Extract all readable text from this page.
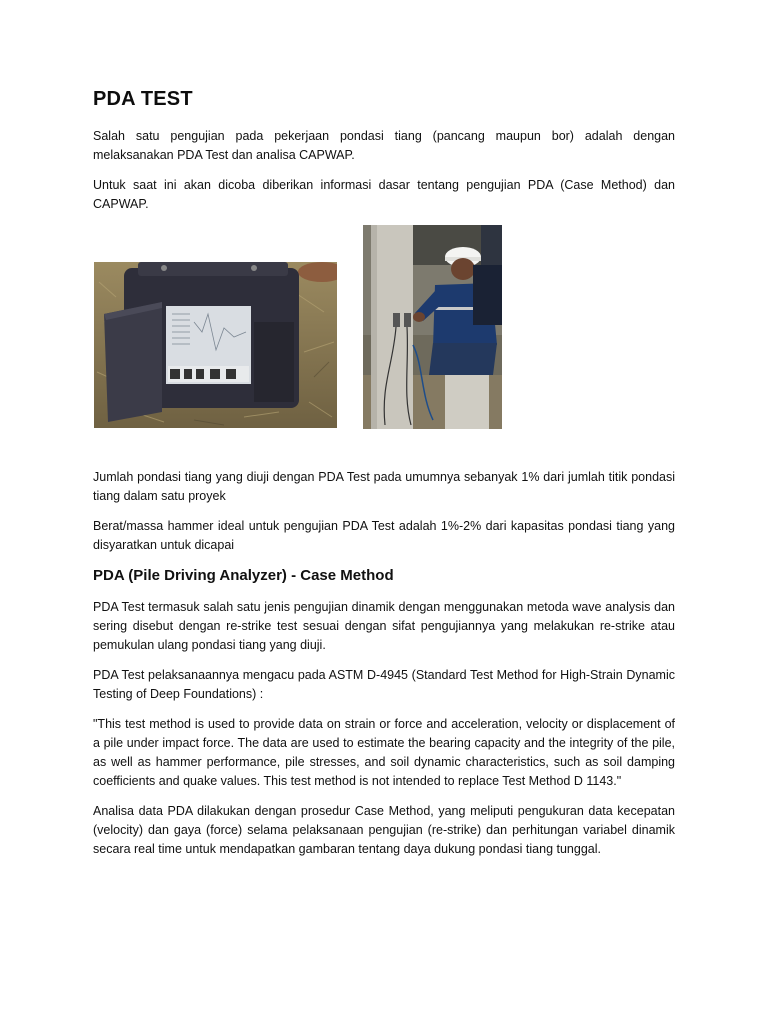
PDA TEST

Salah satu pengujian pada pekerjaan pondasi tiang (pancang maupun bor) adalah dengan melaksanakan PDA Test dan analisa CAPWAP.

Untuk saat ini akan dicoba diberikan informasi dasar tentang pengujian PDA (Case Method) dan CAPWAP.

Jumlah pondasi tiang yang diuji dengan PDA Test pada umumnya sebanyak 1% dari jumlah titik pondasi tiang dalam satu proyek

Berat/massa hammer ideal untuk pengujian PDA Test adalah 1%-2% dari kapasitas pondasi tiang yang disyaratkan untuk dicapai

PDA (Pile Driving Analyzer) - Case Method

PDA Test termasuk salah satu jenis pengujian dinamik dengan menggunakan metoda wave analysis dan sering disebut dengan re-strike test sesuai dengan sifat pengujiannya yang melakukan re-strike atau pemukulan ulang pondasi tiang yang diuji.

PDA Test pelaksanaannya mengacu pada ASTM D-4945 (Standard Test Method for High-Strain Dynamic Testing of Deep Foundations) :

"This test method is used to provide data on strain or force and acceleration, velocity or displacement of a pile under impact force. The data are used to estimate the bearing capacity and the integrity of the pile, as well as hammer performance, pile stresses, and soil dynamic characteristics, such as soil damping coefficients and quake values. This test method is not intended to replace Test Method D 1143."

Analisa data PDA dilakukan dengan prosedur Case Method, yang meliputi pengukuran data kecepatan (velocity) dan gaya (force) selama pelaksanaan pengujian (re-strike) dan perhitungan variabel dinamik secara real time untuk mendapatkan gambaran tentang daya dukung pondasi tiang tunggal.
